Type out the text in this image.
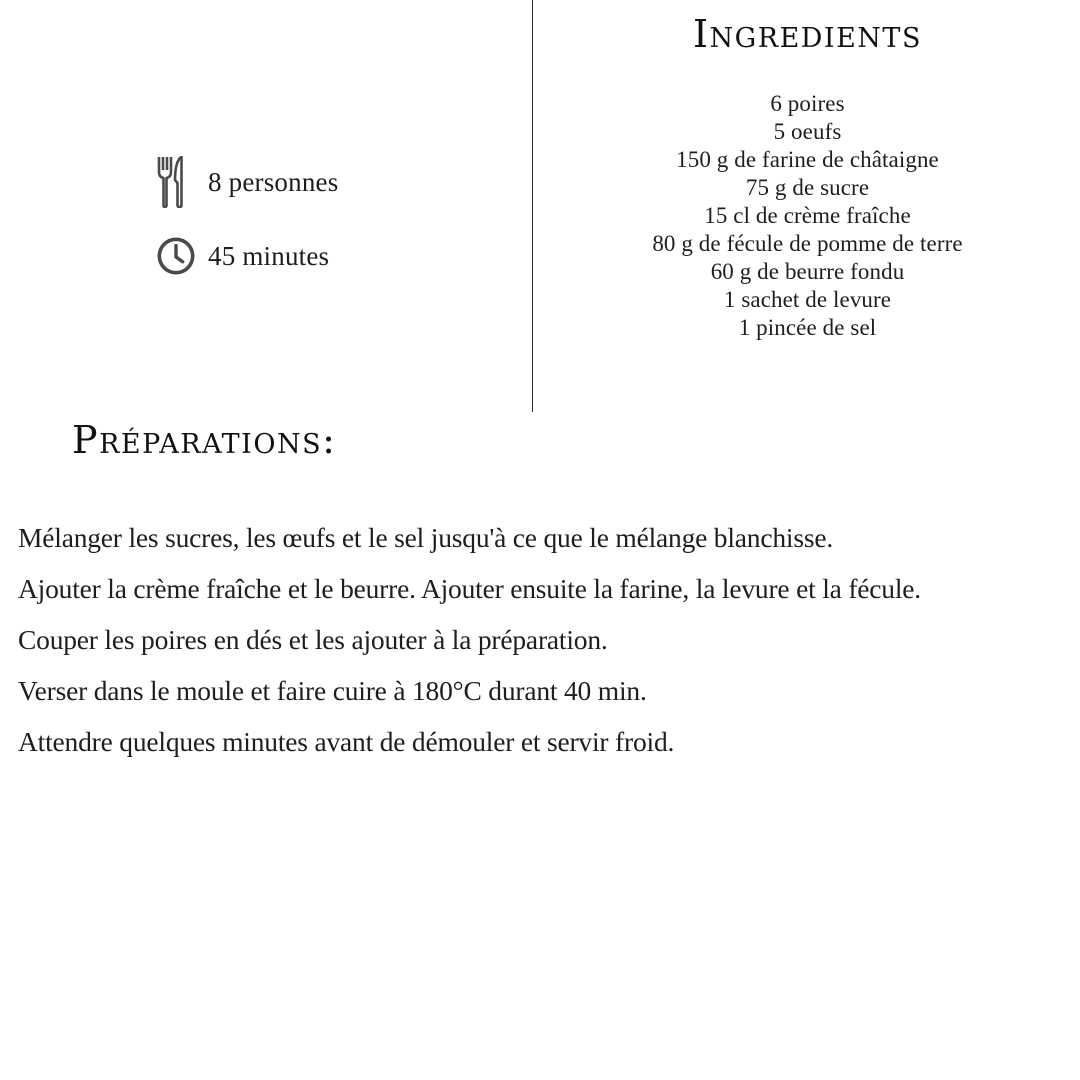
8 personnes
45 minutes
Ingredients
6 poires
5 oeufs
150 g de farine de châtaigne
75 g de sucre
15 cl de crème fraîche
80 g de fécule de pomme de terre
60 g de beurre fondu
1 sachet de levure
1 pincée de sel
Préparations:
Mélanger les sucres, les œufs et le sel jusqu'à ce que le mélange blanchisse.
Ajouter la crème fraîche et le beurre. Ajouter ensuite la farine, la levure et la fécule.
Couper les poires en dés et les ajouter à la préparation.
Verser dans le moule et faire cuire à 180°C durant 40 min.
Attendre quelques minutes avant de démouler et servir froid.
